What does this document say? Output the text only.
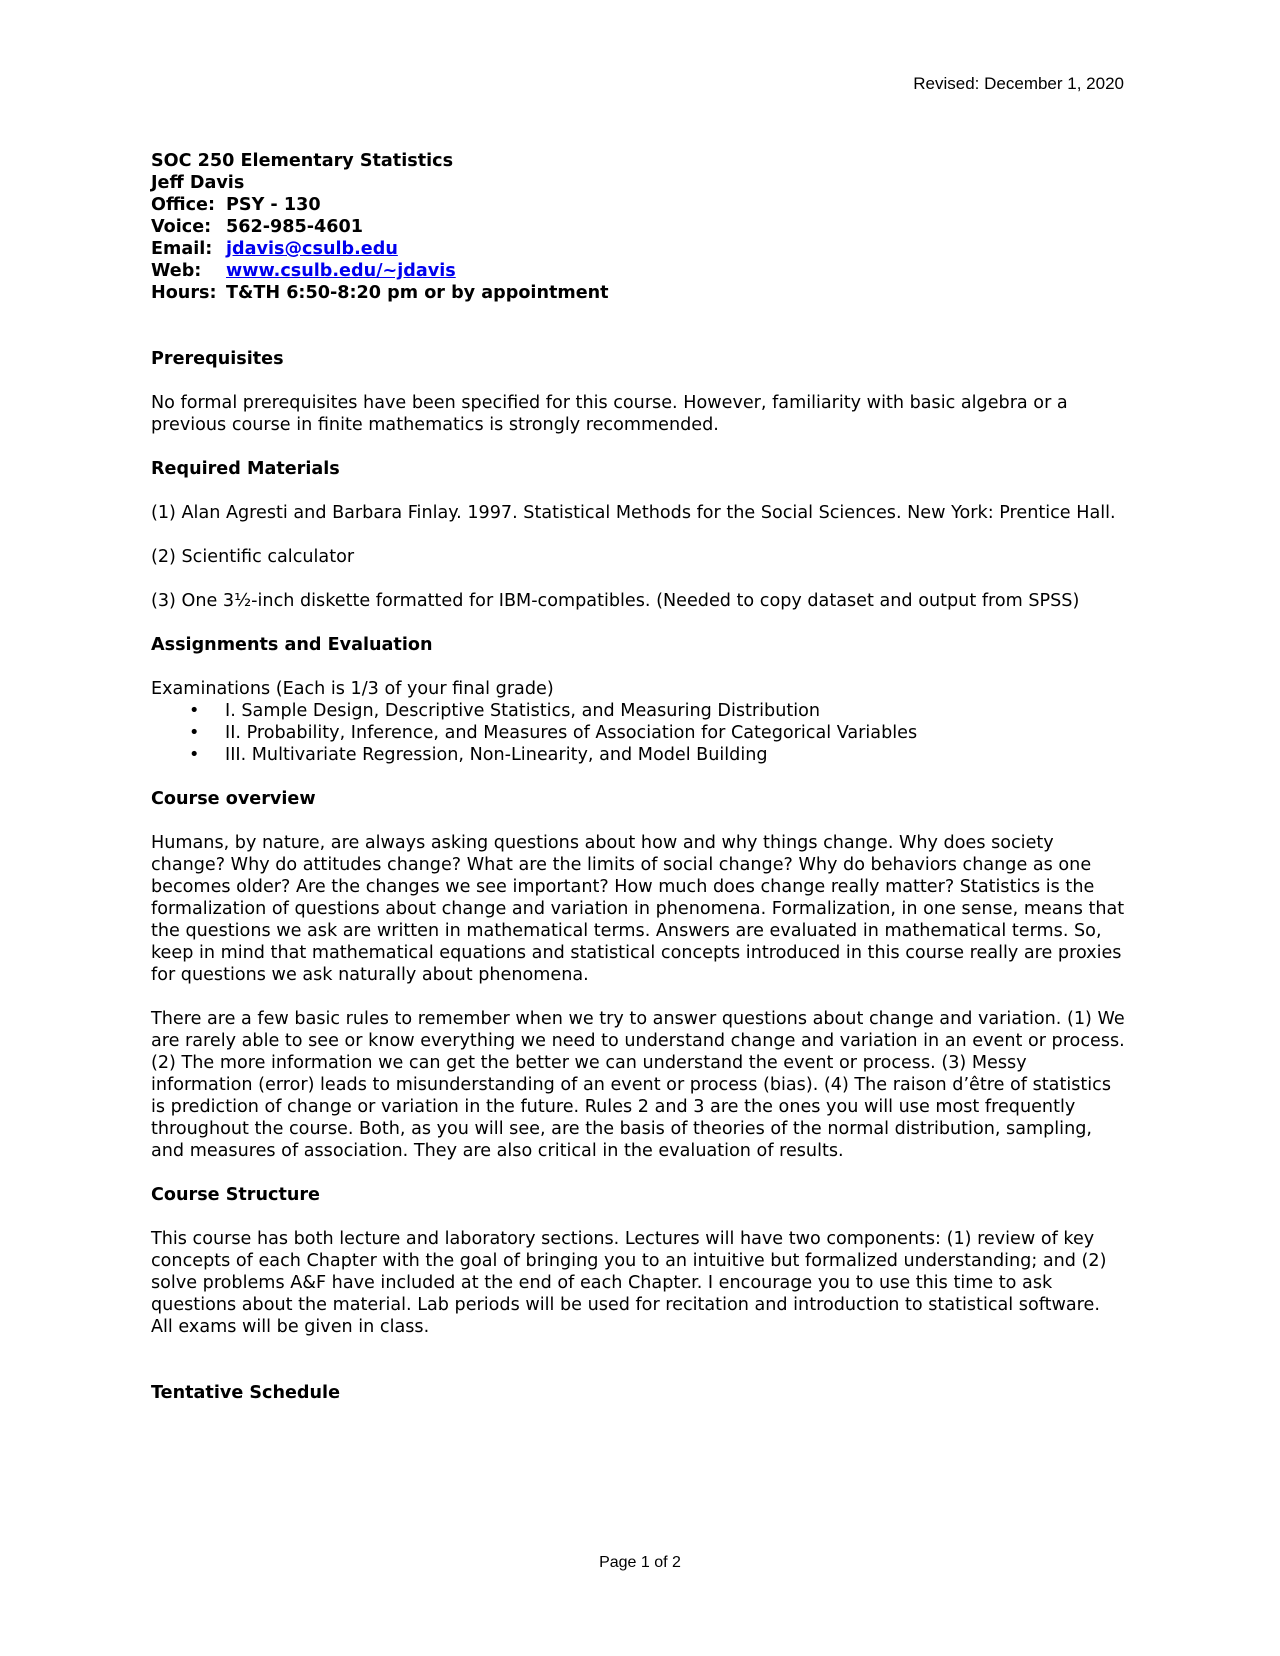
Revised: December 1, 2020
SOC 250 Elementary Statistics
Jeff Davis
Office: PSY - 130
Voice: 562-985-4601
Email: jdavis@csulb.edu
Web:	www.csulb.edu/~jdavis
Hours: T&TH 6:50-8:20 pm or by appointment
Prerequisites

No formal prerequisites have been specified for this course. However, familiarity with basic algebra or a previous course in finite mathematics is strongly recommended.

Required Materials

(1) Alan Agresti and Barbara Finlay. 1997. Statistical Methods for the Social Sciences. New York: Prentice Hall.

(2) Scientific calculator

(3) One 3½-inch diskette formatted for IBM-compatibles. (Needed to copy dataset and output from SPSS)

Assignments and Evaluation

Examinations (Each is 1/3 of your final grade)

• I. Sample Design, Descriptive Statistics, and Measuring Distribution
• II. Probability, Inference, and Measures of Association for Categorical Variables
• III. Multivariate Regression, Non-Linearity, and Model Building
Course overview

Humans, by nature, are always asking questions about how and why things change. Why does society change? Why do attitudes change? What are the limits of social change? Why do behaviors change as one becomes older? Are the changes we see important? How much does change really matter? Statistics is the formalization of questions about change and variation in phenomena. Formalization, in one sense, means that the questions we ask are written in mathematical terms. Answers are evaluated in mathematical terms. So, keep in mind that mathematical equations and statistical concepts introduced in this course really are proxies for questions we ask naturally about phenomena.

There are a few basic rules to remember when we try to answer questions about change and variation. (1) We are rarely able to see or know everything we need to understand change and variation in an event or process. (2) The more information we can get the better we can understand the event or process. (3) Messy information (error) leads to misunderstanding of an event or process (bias). (4) The raison d’être of statistics is prediction of change or variation in the future. Rules 2 and 3 are the ones you will use most frequently throughout the course. Both, as you will see, are the basis of theories of the normal distribution, sampling, and measures of association. They are also critical in the evaluation of results.

Course Structure

This course has both lecture and laboratory sections. Lectures will have two components: (1) review of key concepts of each Chapter with the goal of bringing you to an intuitive but formalized understanding; and (2) solve problems A&F have included at the end of each Chapter. I encourage you to use this time to ask questions about the material. Lab periods will be used for recitation and introduction to statistical software. All exams will be given in class.

Tentative Schedule
Page 1 of 2
